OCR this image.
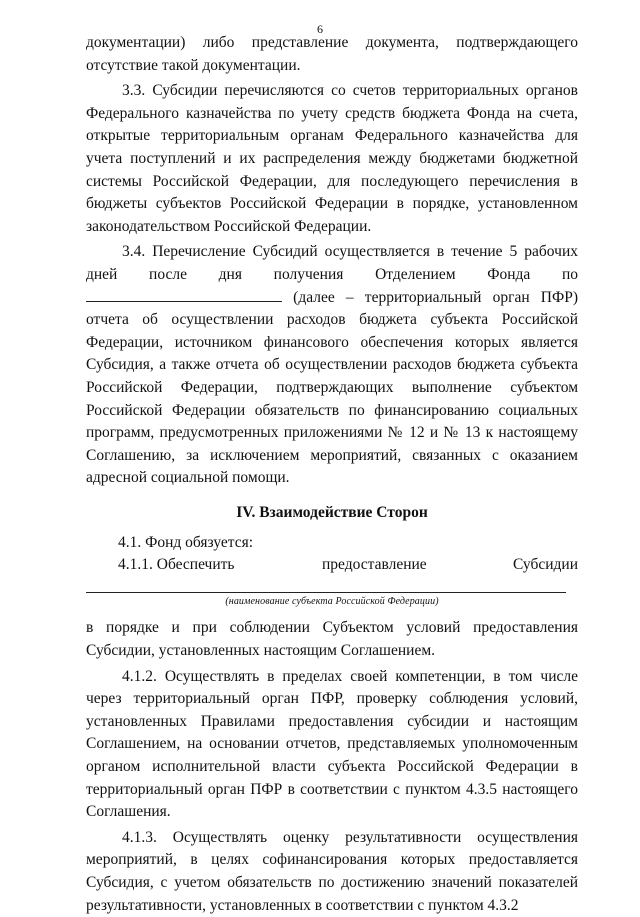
6

документации) либо представление документа, подтверждающего отсутствие такой документации.

3.3. Субсидии перечисляются со счетов территориальных органов Федерального казначейства по учету средств бюджета Фонда на счета, открытые территориальным органам Федерального казначейства для учета поступлений и их распределения между бюджетами бюджетной системы Российской Федерации, для последующего перечисления в бюджеты субъектов Российской Федерации в порядке, установленном законодательством Российской Федерации.

3.4. Перечисление Субсидий осуществляется в течение 5 рабочих дней после дня получения Отделением Фонда по  (далее – территориальный орган ПФР) отчета об осуществлении расходов бюджета субъекта Российской Федерации, источником финансового обеспечения которых является Субсидия, а также отчета об осуществлении расходов бюджета субъекта Российской Федерации, подтверждающих выполнение субъектом Российской Федерации обязательств по финансированию социальных программ, предусмотренных приложениями № 12 и № 13 к настоящему Соглашению, за исключением мероприятий, связанных с оказанием адресной социальной помощи.

IV. Взаимодействие Сторон

4.1. Фонд обязуется:

4.1.1. Обеспечить	предоставление	Субсидии
(наименование субъекта Российской Федерации)

в порядке и при соблюдении Субъектом условий предоставления Субсидии, установленных настоящим Соглашением.

4.1.2. Осуществлять в пределах своей компетенции, в том числе через территориальный орган ПФР, проверку соблюдения условий, установленных Правилами предоставления субсидии и настоящим Соглашением, на основании отчетов, представляемых уполномоченным органом исполнительной власти субъекта Российской Федерации в территориальный орган ПФР в соответствии с пунктом 4.3.5 настоящего Соглашения.

4.1.3. Осуществлять оценку результативности осуществления мероприятий, в целях софинансирования которых предоставляется Субсидия, с учетом обязательств по достижению значений показателей результативности, установленных в соответствии с пунктом 4.3.2
